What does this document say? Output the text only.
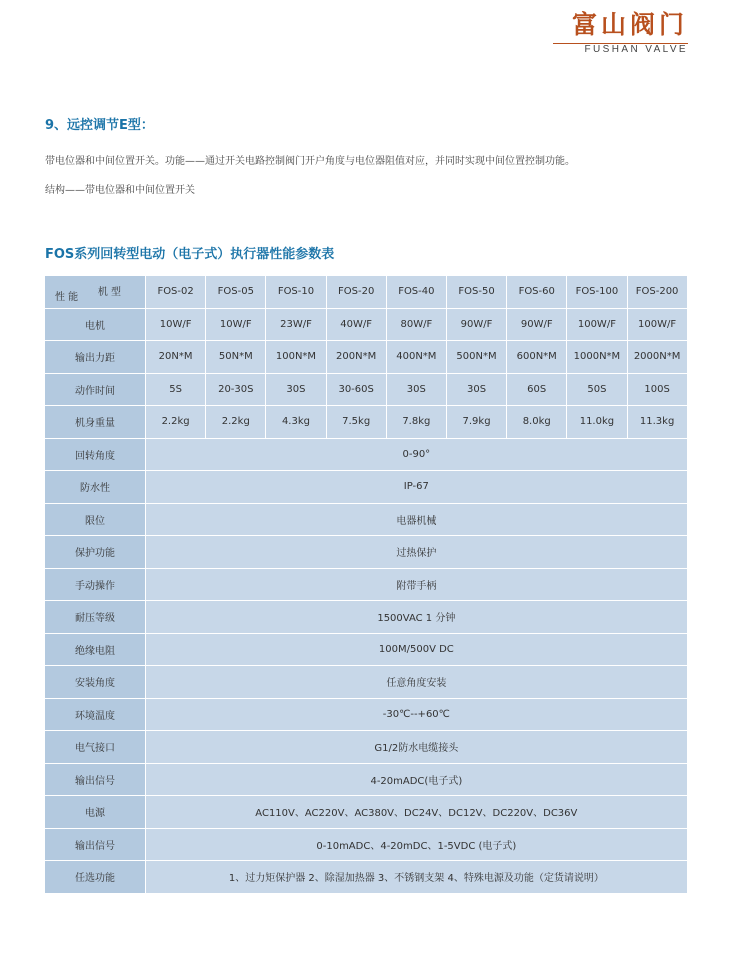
富山阀门
FUSHAN VALVE
9、远控调节E型：
带电位器和中间位置开关。功能——通过开关电路控制阀门开户角度与电位器阻值对应，并同时实现中间位置控制功能。
结构——带电位器和中间位置开关
FOS系列回转型电动（电子式）执行器性能参数表
机 型
性 能	FOS-02	FOS-05	FOS-10	FOS-20	FOS-40	FOS-50	FOS-60	FOS-100	FOS-200
电机	10W/F	10W/F	23W/F	40W/F	80W/F	90W/F	90W/F	100W/F	100W/F
输出力距	20N*M	50N*M	100N*M	200N*M	400N*M	500N*M	600N*M	1000N*M	2000N*M
动作时间	5S	20-30S	30S	30-60S	30S	30S	60S	50S	100S
机身重量	2.2kg	2.2kg	4.3kg	7.5kg	7.8kg	7.9kg	8.0kg	11.0kg	11.3kg
回转角度	0-90°								
防水性	IP-67								
限位	电器机械								
保护功能	过热保护								
手动操作	附带手柄								
耐压等级	1500VAC 1 分钟								
绝缘电阻	100M/500V DC								
安装角度	任意角度安装								
环境温度	-30℃--+60℃								
电气接口	G1/2防水电缆接头								
输出信号	4-20mADC(电子式)								
电源	AC110V、AC220V、AC380V、DC24V、DC12V、DC220V、DC36V								
输出信号	0-10mADC、4-20mDC、1-5VDC (电子式)								
任选功能	1、过力矩保护器 2、除湿加热器 3、不锈钢支架 4、特殊电源及功能（定货请说明）								
